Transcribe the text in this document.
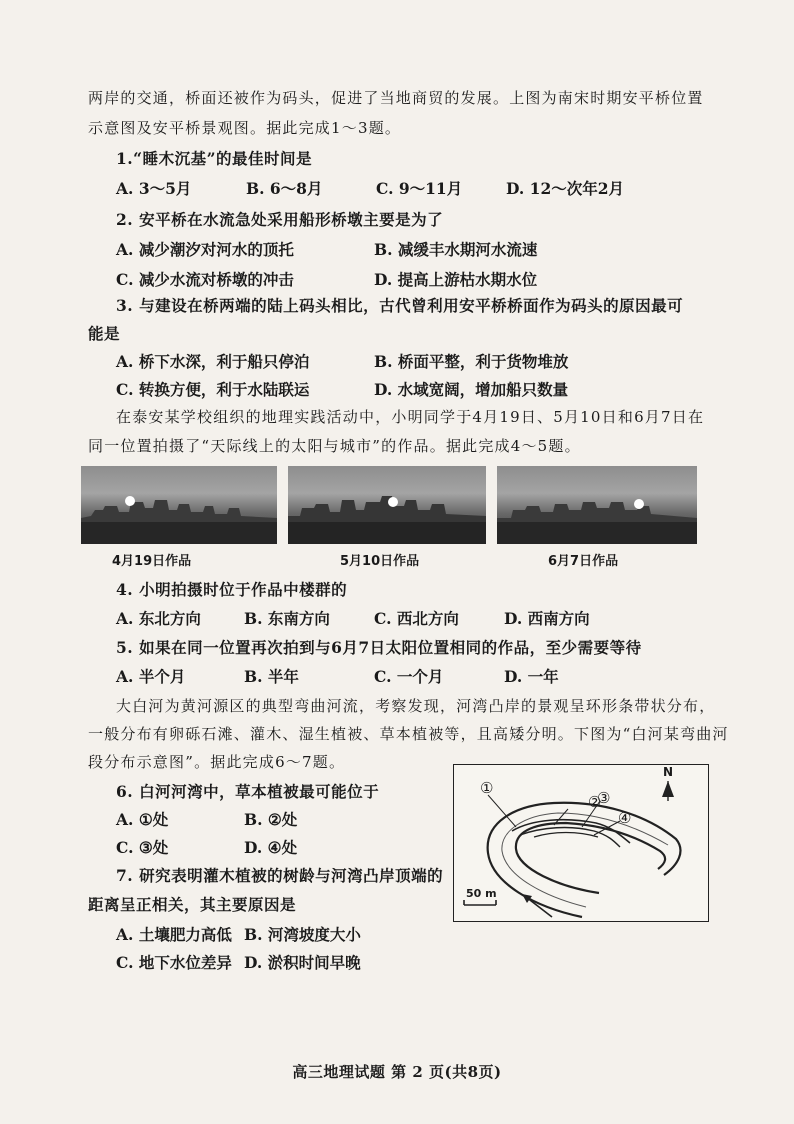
两岸的交通，桥面还被作为码头，促进了当地商贸的发展。上图为南宋时期安平桥位置
示意图及安平桥景观图。据此完成1～3题。
1.“睡木沉基”的最佳时间是
A. 3～5月	B. 6～8月	C. 9～11月	D. 12～次年2月
2. 安平桥在水流急处采用船形桥墩主要是为了
A. 减少潮汐对河水的顶托	B. 减缓丰水期河水流速
C. 减少水流对桥墩的冲击	D. 提高上游枯水期水位
3. 与建设在桥两端的陆上码头相比，古代曾利用安平桥桥面作为码头的原因最可
能是
A. 桥下水深，利于船只停泊	B. 桥面平整，利于货物堆放
C. 转换方便，利于水陆联运	D. 水域宽阔，增加船只数量
在泰安某学校组织的地理实践活动中，小明同学于4月19日、5月10日和6月7日在
同一位置拍摄了“天际线上的太阳与城市”的作品。据此完成4～5题。
4月19日作品	5月10日作品	6月7日作品
4. 小明拍摄时位于作品中楼群的
A. 东北方向	B. 东南方向	C. 西北方向	D. 西南方向
5. 如果在同一位置再次拍到与6月7日太阳位置相同的作品，至少需要等待
A. 半个月	B. 半年	C. 一个月	D. 一年
大白河为黄河源区的典型弯曲河流，考察发现，河湾凸岸的景观呈环形条带状分布，
一般分布有卵砾石滩、灌木、湿生植被、草本植被等，且高矮分明。下图为“白河某弯曲河
段分布示意图”。据此完成6～7题。
6. 白河河湾中，草本植被最可能位于
A. ①处	B. ②处
C. ③处	D. ④处
7. 研究表明灌木植被的树龄与河湾凸岸顶端的
距离呈正相关，其主要原因是
A. 土壤肥力高低 B. 河湾坡度大小
C. 地下水位差异 D. 淤积时间早晚
①
②
③
④
N
50 m
高三地理试题 第 2 页(共8页)
